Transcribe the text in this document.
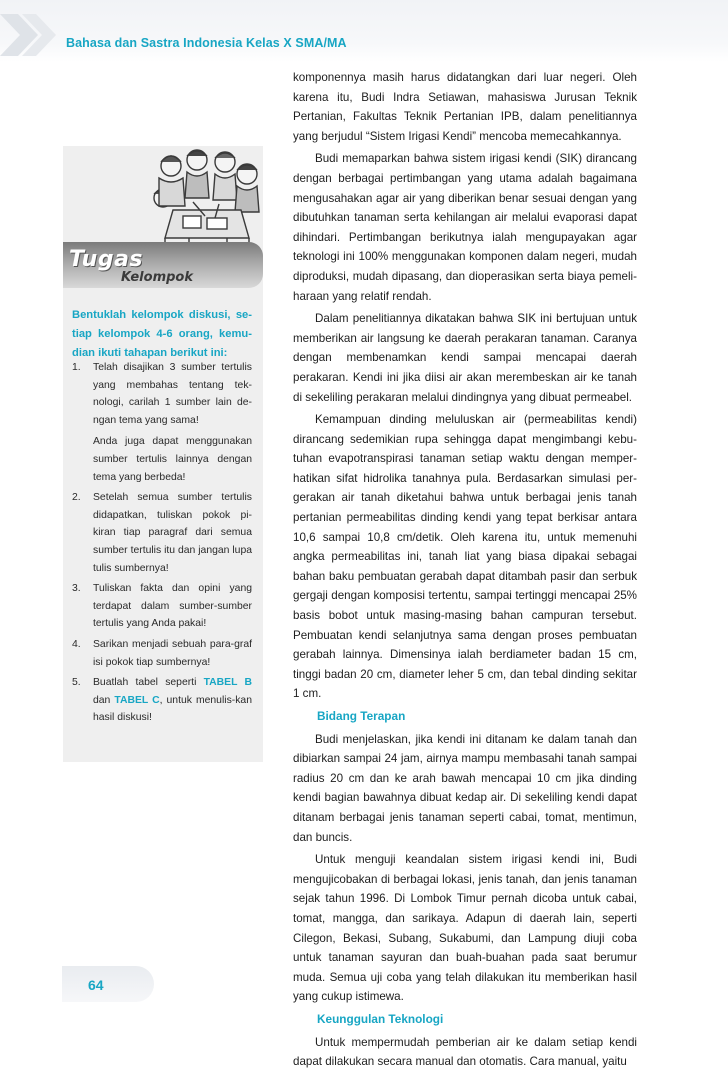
Bahasa dan Sastra Indonesia Kelas X SMA/MA
Tugas
Kelompok
Bentuklah kelompok diskusi, se-tiap kelompok 4-6 orang, kemu-dian ikuti tahapan berikut ini:
1. Telah disajikan 3 sumber tertulis yang membahas tentang tek-nologi, carilah 1 sumber lain de-ngan tema yang sama!
Anda juga dapat menggunakan sumber tertulis lainnya dengan tema yang berbeda!
2. Setelah semua sumber tertulis didapatkan, tuliskan pokok pi-kiran tiap paragraf dari semua sumber tertulis itu dan jangan lupa tulis sumbernya!
3. Tuliskan fakta dan opini yang terdapat dalam sumber-sumber tertulis yang Anda pakai!
4. Sarikan menjadi sebuah para-graf isi pokok tiap sumbernya!
5. Buatlah tabel seperti TABEL B dan TABEL C, untuk menulis-kan hasil diskusi!

komponennya masih harus didatangkan dari luar negeri. Oleh karena itu, Budi Indra Setiawan, mahasiswa Jurusan Teknik Pertanian, Fakultas Teknik Pertanian IPB, dalam penelitiannya yang berjudul “Sistem Irigasi Kendi” mencoba memecahkannya.

Budi memaparkan bahwa sistem irigasi kendi (SIK) dirancang dengan berbagai pertimbangan yang utama adalah bagaimana mengusahakan agar air yang diberikan benar sesuai dengan yang dibutuhkan tanaman serta kehilangan air melalui evaporasi dapat dihindari. Pertimbangan berikutnya ialah mengupayakan agar teknologi ini 100% menggunakan komponen dalam negeri, mudah diproduksi, mudah dipasang, dan dioperasikan serta biaya pemeli-haraan yang relatif rendah.

Dalam penelitiannya dikatakan bahwa SIK ini bertujuan untuk memberikan air langsung ke daerah perakaran tanaman. Caranya dengan membenamkan kendi sampai mencapai daerah perakaran. Kendi ini jika diisi air akan merembeskan air ke tanah di sekeliling perakaran melalui dindingnya yang dibuat permeabel.

Kemampuan dinding meluluskan air (permeabilitas kendi) dirancang sedemikian rupa sehingga dapat mengimbangi kebu-tuhan evapotranspirasi tanaman setiap waktu dengan memper-hatikan sifat hidrolika tanahnya pula. Berdasarkan simulasi per-gerakan air tanah diketahui bahwa untuk berbagai jenis tanah pertanian permeabilitas dinding kendi yang tepat berkisar antara 10,6 sampai 10,8 cm/detik. Oleh karena itu, untuk memenuhi angka permeabilitas ini, tanah liat yang biasa dipakai sebagai bahan baku pembuatan gerabah dapat ditambah pasir dan serbuk gergaji dengan komposisi tertentu, sampai tertinggi mencapai 25% basis bobot untuk masing-masing bahan campuran tersebut. Pembuatan kendi selanjutnya sama dengan proses pembuatan gerabah lainnya. Dimensinya ialah berdiameter badan 15 cm, tinggi badan 20 cm, diameter leher 5 cm, dan tebal dinding sekitar 1 cm.

Bidang Terapan

Budi menjelaskan, jika kendi ini ditanam ke dalam tanah dan dibiarkan sampai 24 jam, airnya mampu membasahi tanah sampai radius 20 cm dan ke arah bawah mencapai 10 cm jika dinding kendi bagian bawahnya dibuat kedap air. Di sekeliling kendi dapat ditanam berbagai jenis tanaman seperti cabai, tomat, mentimun, dan buncis.

Untuk menguji keandalan sistem irigasi kendi ini, Budi mengujicobakan di berbagai lokasi, jenis tanah, dan jenis tanaman sejak tahun 1996. Di Lombok Timur pernah dicoba untuk cabai, tomat, mangga, dan sarikaya. Adapun di daerah lain, seperti Cilegon, Bekasi, Subang, Sukabumi, dan Lampung diuji coba untuk tanaman sayuran dan buah-buahan pada saat berumur muda. Semua uji coba yang telah dilakukan itu memberikan hasil yang cukup istimewa.

Keunggulan Teknologi

Untuk mempermudah pemberian air ke dalam setiap kendi dapat dilakukan secara manual dan otomatis. Cara manual, yaitu

64
